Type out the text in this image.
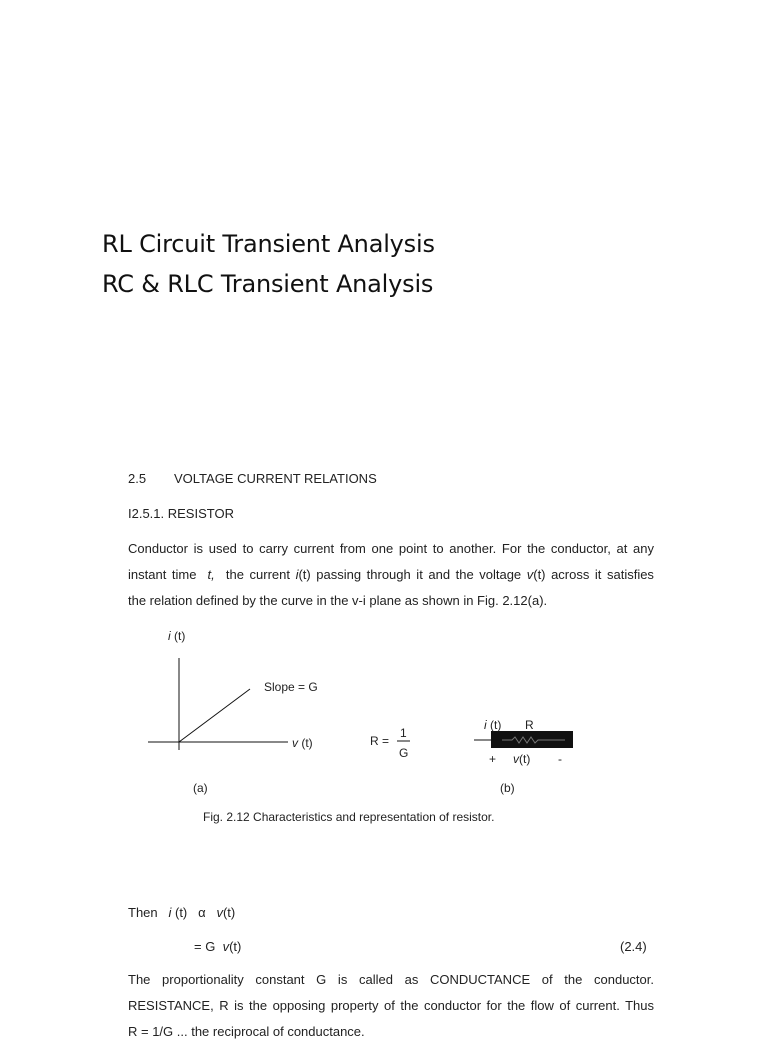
RL Circuit Transient Analysis
RC & RLC Transient Analysis
2.5 VOLTAGE CURRENT RELATIONS
I2.5.1. RESISTOR
Conductor is used to carry current from one point to another. For the conductor, at any
instant time t, the current i(t) passing through it and the voltage v(t) across it satisfies
the relation defined by the curve in the v-i plane as shown in Fig. 2.12(a).
i (t)
v (t)
Slope = G
(a)
R =
1
G
i (t) R
+ v(t) -
(b)
Fig. 2.12 Characteristics and representation of resistor.
Then i (t) α v(t)
= G v(t)	(2.4)
The proportionality constant G is called as CONDUCTANCE of the conductor.
RESISTANCE, R is the opposing property of the conductor for the flow of current. Thus
R = 1/G ... the reciprocal of conductance.
